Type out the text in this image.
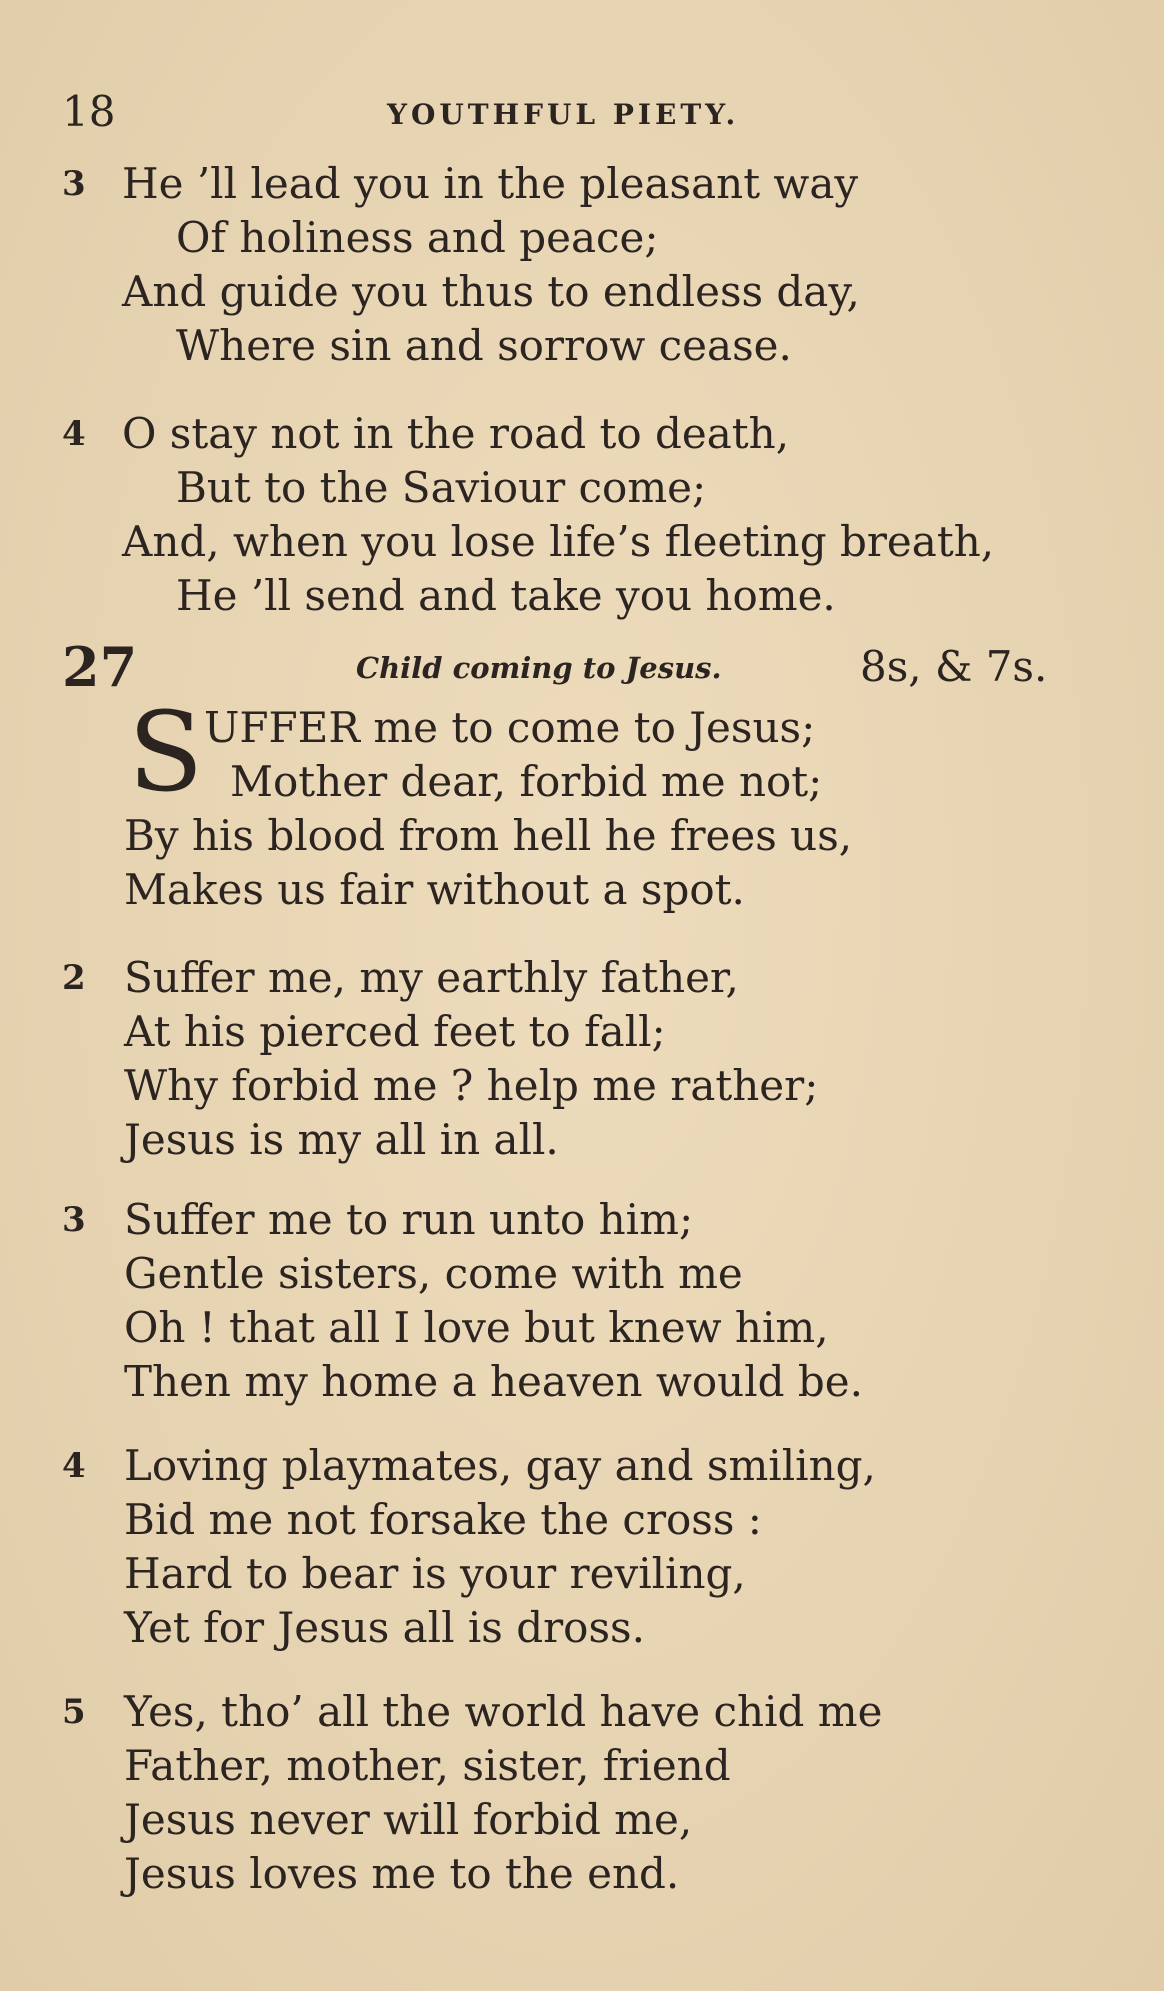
18	YOUTHFUL PIETY.
3 He ’ll lead you in the pleasant way
Of holiness and peace;
And guide you thus to endless day,
Where sin and sorrow cease.
4 O stay not in the road to death,
But to the Saviour come;
And, when you lose life’s fleeting breath,
He ’ll send and take you home.
27	Child coming to Jesus.	8s, & 7s.
S UFFER me to come to Jesus;
Mother dear, forbid me not;
By his blood from hell he frees us,
Makes us fair without a spot.
2 Suffer me, my earthly father,
At his pierced feet to fall;
Why forbid me ? help me rather;
Jesus is my all in all.
3 Suffer me to run unto him;
Gentle sisters, come with me
Oh ! that all I love but knew him,
Then my home a heaven would be.
4 Loving playmates, gay and smiling,
Bid me not forsake the cross :
Hard to bear is your reviling,
Yet for Jesus all is dross.
5 Yes, tho’ all the world have chid me
Father, mother, sister, friend
Jesus never will forbid me,
Jesus loves me to the end.
